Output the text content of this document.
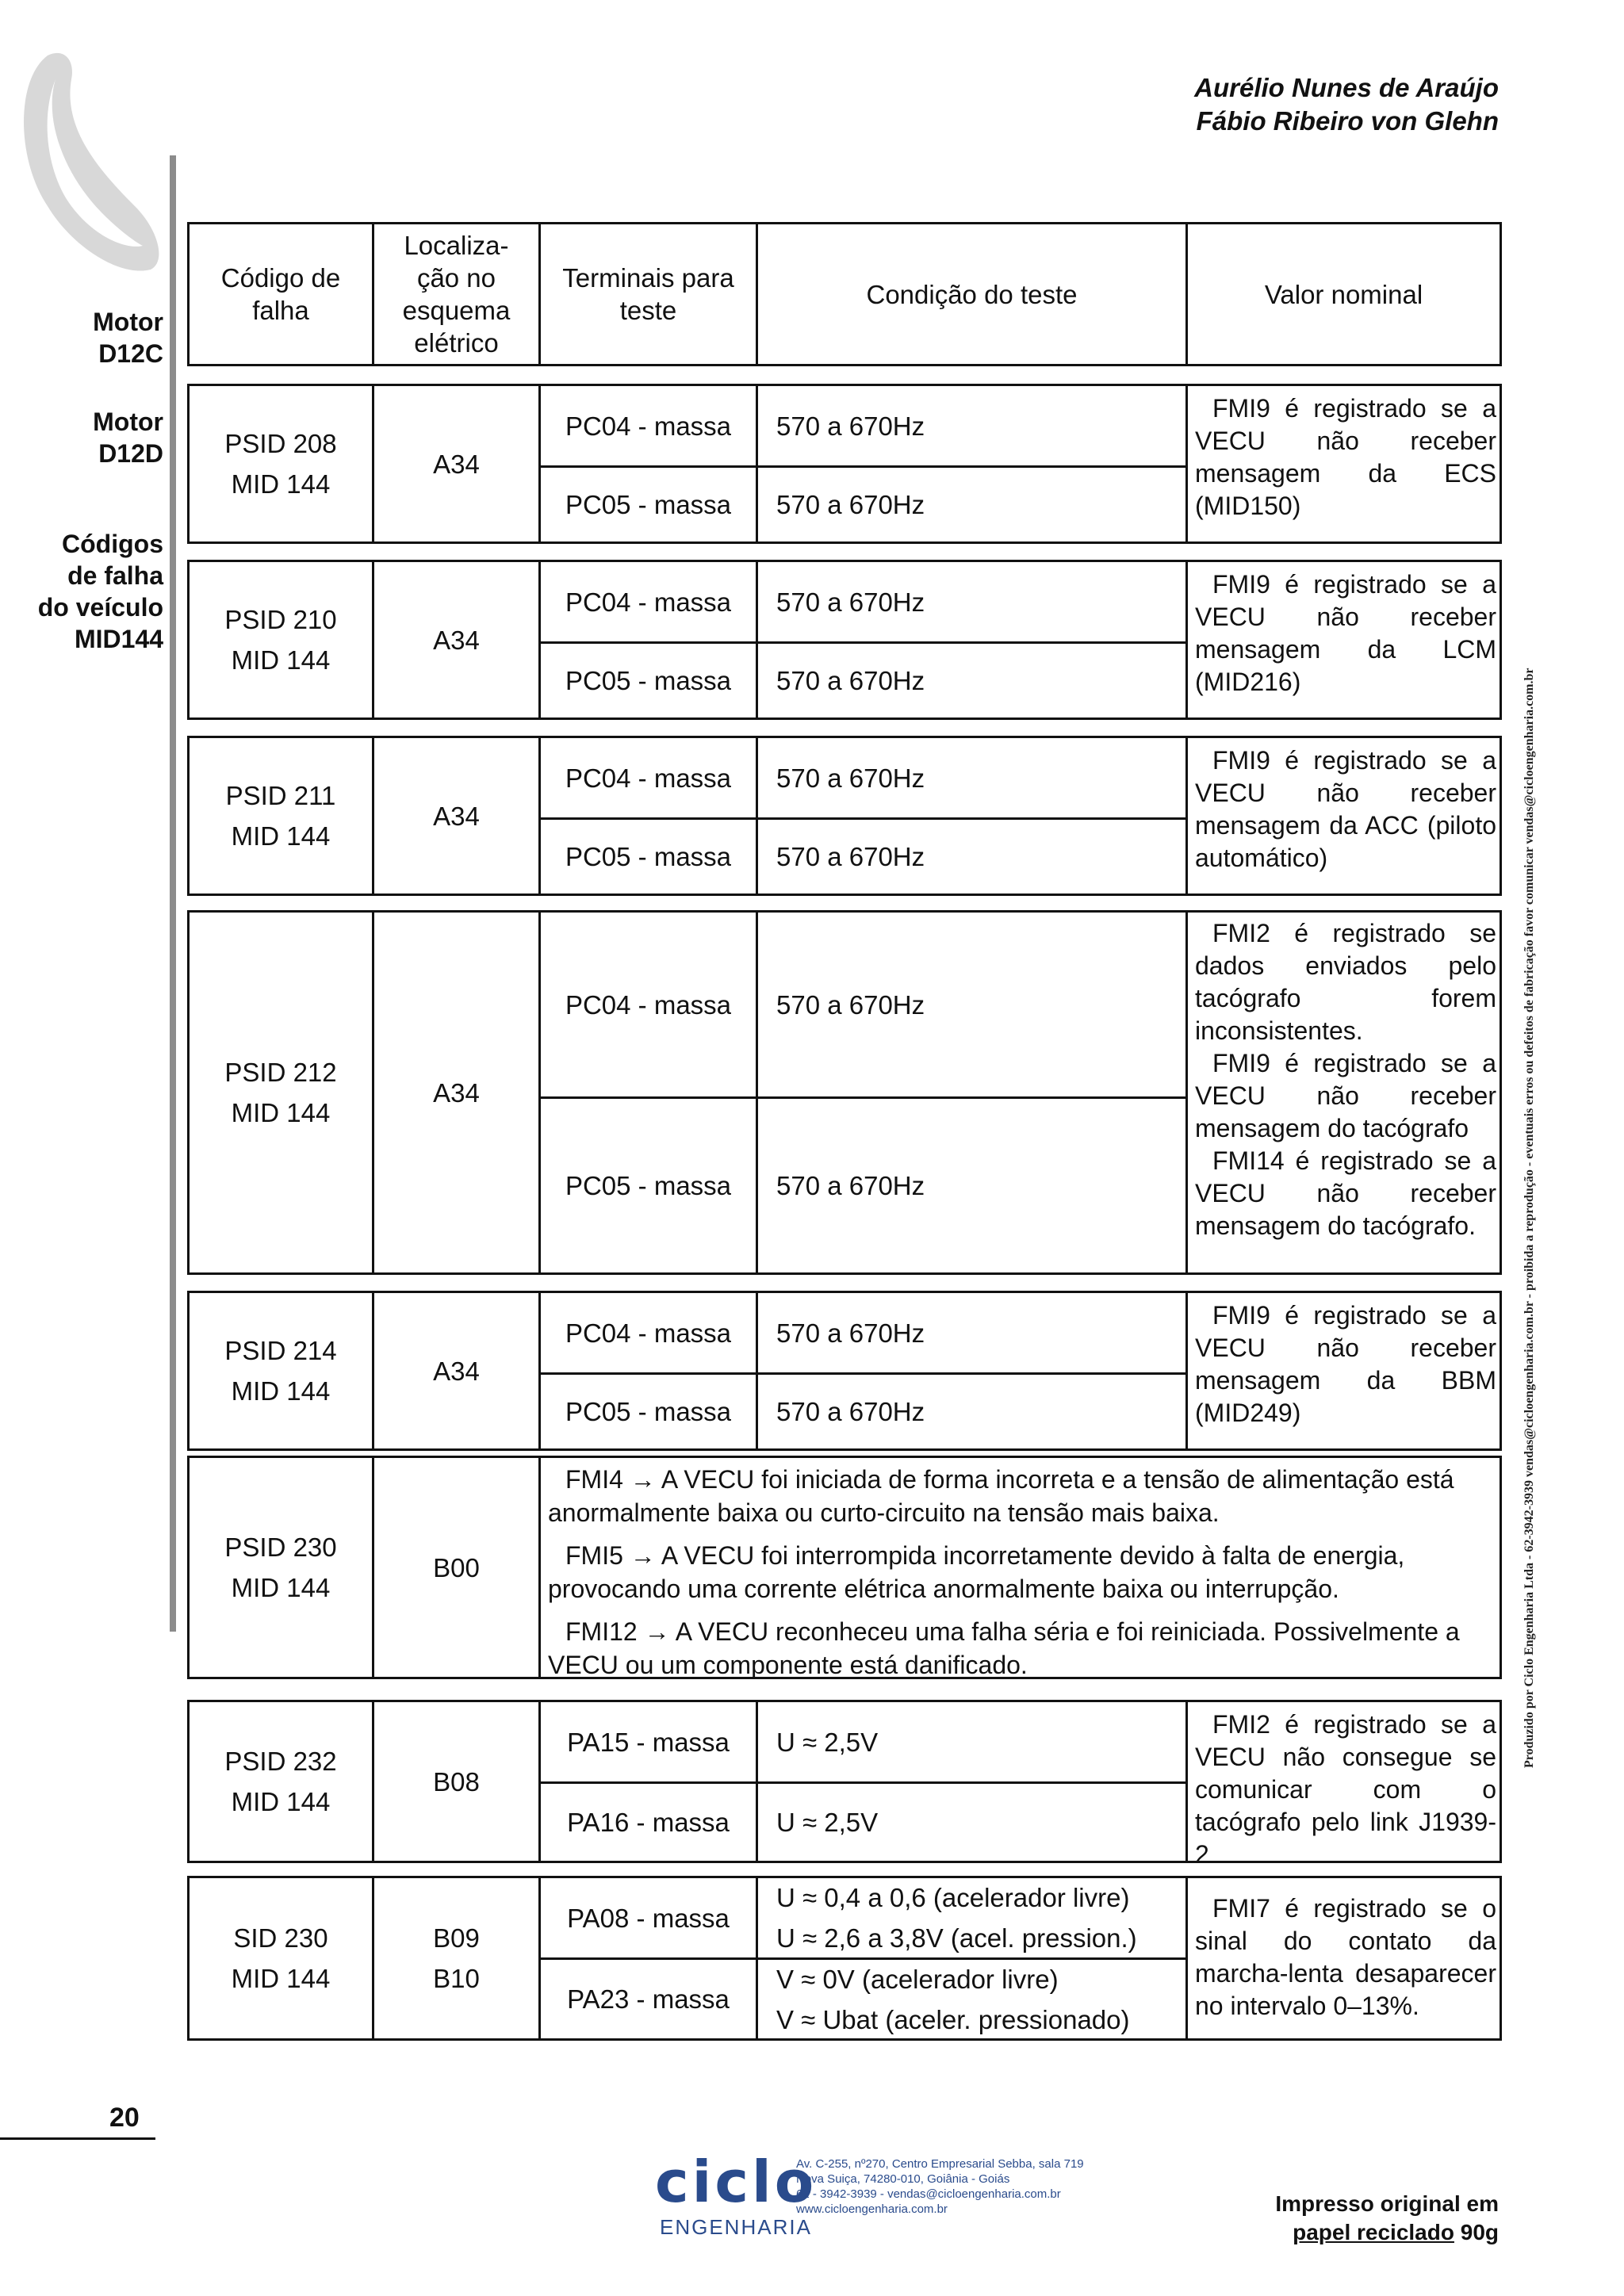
Aurélio Nunes de Araújo
Fábio Ribeiro von Glehn
Motor
D12C
Motor
D12D
Códigos
de falha
do veículo
MID144
Código de
falha
Localiza-
ção no
esquema
elétrico
Terminais para
teste
Condição do teste	Valor nominal
PSID 208
MID 144
A34
PC04 - massa 570 a 670Hz
PC05 - massa 570 a 670Hz

FMI9 é registrado se a VECU não receber mensagem da ECS (MID150)

PSID 210
MID 144
A34
PC04 - massa 570 a 670Hz
PC05 - massa 570 a 670Hz

FMI9 é registrado se a VECU não receber mensagem da LCM (MID216)

PSID 211
MID 144
A34
PC04 - massa 570 a 670Hz
PC05 - massa 570 a 670Hz

FMI9 é registrado se a VECU não receber mensagem da ACC (piloto automático)

PSID 212
MID 144
A34
PC04 - massa 570 a 670Hz
PC05 - massa 570 a 670Hz

FMI2 é registrado se dados enviados pelo tacógrafo forem inconsistentes.

FMI9 é registrado se a VECU não receber mensagem do tacógrafo

FMI14 é registrado se a VECU não receber mensagem do tacógrafo.

PSID 214
MID 144
A34
PC04 - massa 570 a 670Hz
PC05 - massa 570 a 670Hz

FMI9 é registrado se a VECU não receber mensagem da BBM (MID249)

PSID 230
MID 144
B00

FMI4 → A VECU foi iniciada de forma incorreta e a tensão de alimentação está anormalmente baixa ou curto-circuito na tensão mais baixa.

FMI5 → A VECU foi interrompida incorretamente devido à falta de energia, provocando uma corrente elétrica anormalmente baixa ou interrupção.

FMI12 → A VECU reconheceu uma falha séria e foi reiniciada. Possivelmente a VECU ou um componente está danificado.

PSID 232
MID 144
B08
PA15 - massa U ≈ 2,5V
PA16 - massa U ≈ 2,5V

FMI2 é registrado se a VECU não consegue se comunicar com o tacógrafo pelo link J1939-2

SID 230
MID 144
B09
B10
PA08 - massa
U ≈ 0,4 a 0,6 (acelerador livre)
U ≈ 2,6 a 3,8V (acel. pression.)
PA23 - massa
V ≈ 0V (acelerador livre)
V ≈ Ubat (aceler. pressionado)

FMI7 é registrado se o sinal do contato da marcha-lenta desaparecer no intervalo 0–13%.

Produzido por Ciclo Engenharia Ltda - 62-3942-3939 vendas@cicloengenharia.com.br - proibida a reprodução - eventuais erros ou defeitos de fabricação favor comunicar vendas@cicloengenharia.com.br
20
ciclo
ENGENHARIA
Av. C-255, nº270, Centro Empresarial Sebba, sala 719
Nova Suiça, 74280-010, Goiânia - Goiás
62 - 3942-3939 - vendas@cicloengenharia.com.br
www.cicloengenharia.com.br	Impresso original em
papel reciclado 90g
